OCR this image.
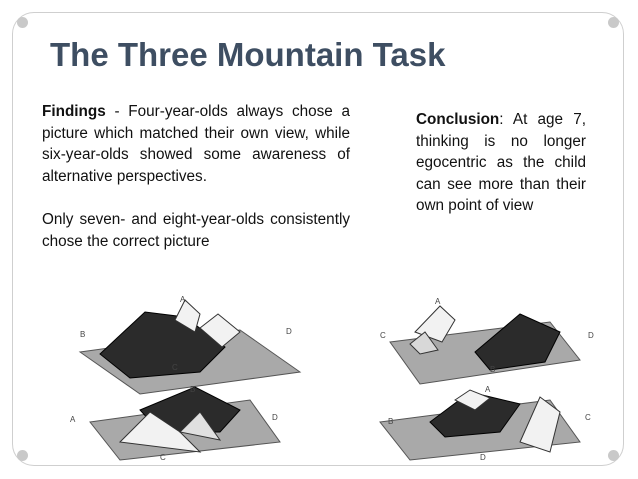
The Three Mountain Task

Findings - Four-year-olds always chose a picture which matched their own view, while six-year-olds showed some awareness of alternative perspectives.

Only seven- and eight-year-olds consistently chose the correct picture

Conclusion: At age 7, thinking is no longer egocentric as the child can see more than their own point of view
A
B
C
D
A
B
C	D
A
B
C
D
A
B	C
D
